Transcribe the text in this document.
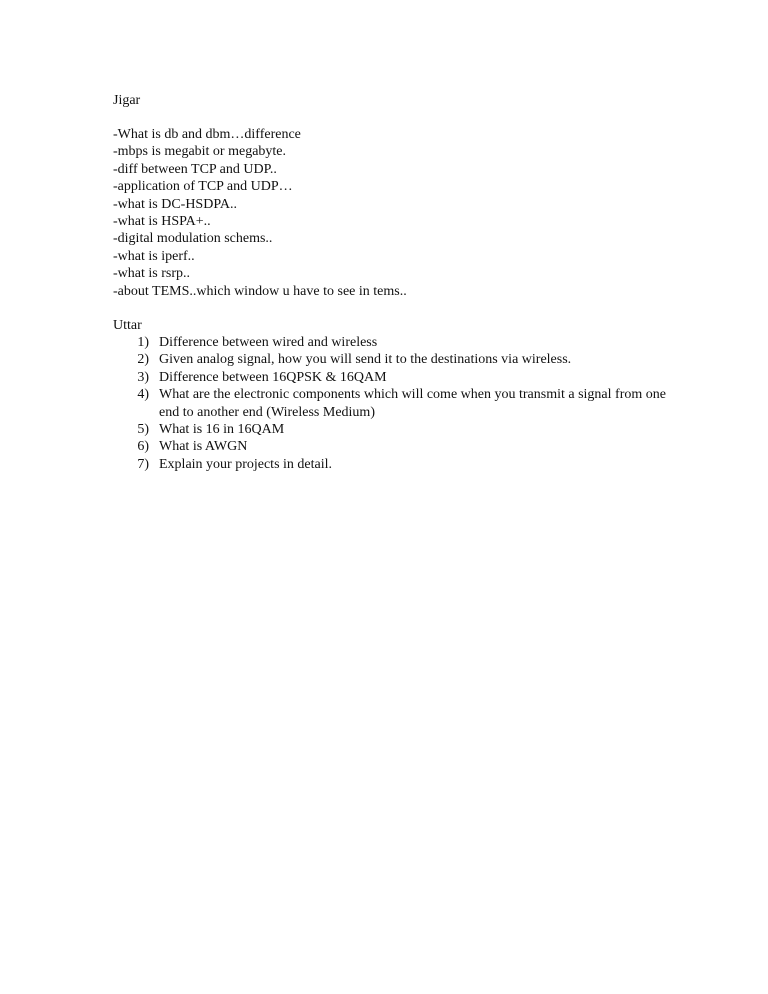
Jigar
-What is db and dbm…difference
-mbps is megabit or megabyte.
-diff between TCP and UDP..
-application of TCP and UDP…
-what is DC-HSDPA..
-what is HSPA+..
-digital modulation schems..
-what is iperf..
-what is rsrp..
-about TEMS..which window u have to see in tems..
Uttar
1) Difference between wired and wireless
2) Given analog signal, how you will send it to the destinations via wireless.
3) Difference between 16QPSK & 16QAM
4) What are the electronic components which will come when you transmit a signal from one end to another end (Wireless Medium)
5) What is 16 in 16QAM
6) What is AWGN
7) Explain your projects in detail.
